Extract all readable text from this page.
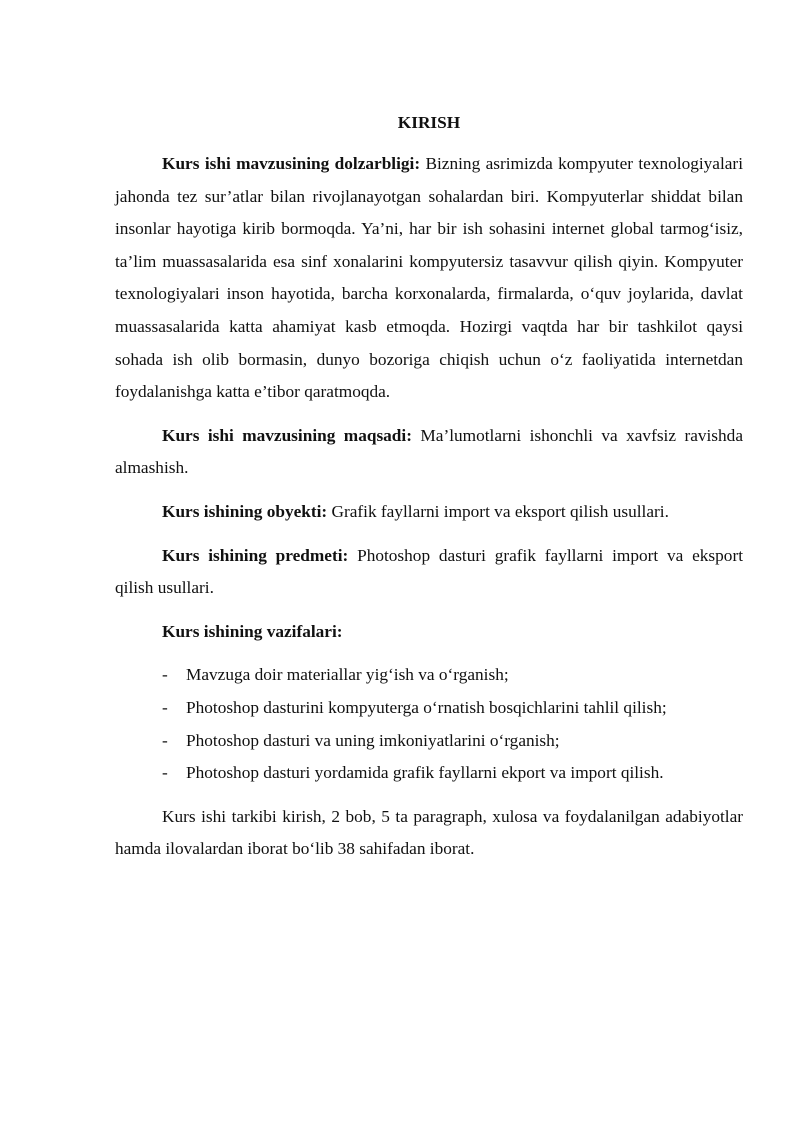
KIRISH

Kurs ishi mavzusining dolzarbligi: Bizning asrimizda kompyuter texnologiyalari jahonda tez sur’atlar bilan rivojlanayotgan sohalardan biri. Kompyuterlar shiddat bilan insonlar hayotiga kirib bormoqda. Ya’ni, har bir ish sohasini internet global tarmog‘isiz, ta’lim muassasalarida esa sinf xonalarini kompyutersiz tasavvur qilish qiyin. Kompyuter texnologiyalari inson hayotida, barcha korxonalarda, firmalarda, o‘quv joylarida, davlat muassasalarida katta ahamiyat kasb etmoqda. Hozirgi vaqtda har bir tashkilot qaysi sohada ish olib bormasin, dunyo bozoriga chiqish uchun o‘z faoliyatida internetdan foydalanishga katta e’tibor qaratmoqda.

Kurs ishi mavzusining maqsadi: Ma’lumotlarni ishonchli va xavfsiz ravishda almashish.

Kurs ishining obyekti: Grafik fayllarni import va eksport qilish usullari.

Kurs ishining predmeti: Photoshop dasturi grafik fayllarni import va eksport qilish usullari.

Kurs ishining vazifalari:

-	Mavzuga doir materiallar yig‘ish va o‘rganish;
-	Photoshop dasturini kompyuterga o‘rnatish bosqichlarini tahlil qilish;
-	Photoshop dasturi va uning imkoniyatlarini o‘rganish;
-	Photoshop dasturi yordamida grafik fayllarni ekport va import qilish.

Kurs ishi tarkibi kirish, 2 bob, 5 ta paragraph, xulosa va foydalanilgan adabiyotlar hamda ilovalardan iborat bo‘lib 38 sahifadan iborat.
